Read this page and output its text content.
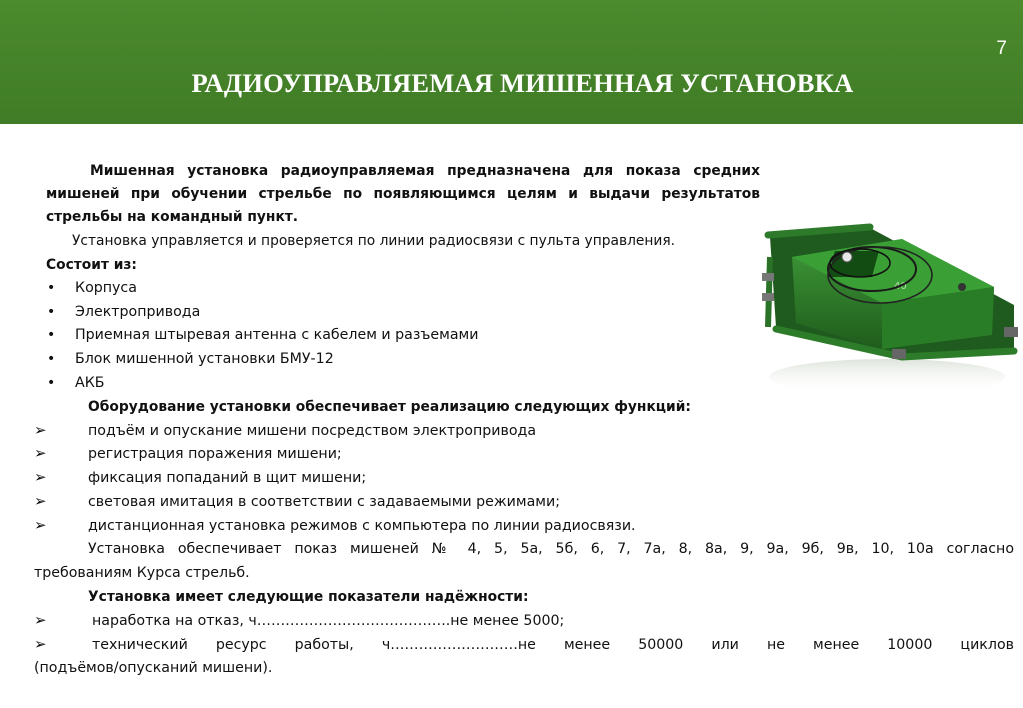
7
РАДИОУПРАВЛЯЕМАЯ МИШЕННАЯ УСТАНОВКА
Мишенная установка радиоуправляемая предназначена для показа средних
мишеней при обучении стрельбе по появляющимся целям и выдачи результатов
стрельбы на командный пункт.
Установка управляется и проверяется по линии радиосвязи с пульта управления.
Состоит из:
• Корпуса
• Электропривода
• Приемная штыревая антенна с кабелем и разъемами
• Блок мишенной установки БМУ-12
• АКБ
Оборудование установки обеспечивает реализацию следующих функций:
➢	подъём и опускание мишени посредством электропривода
➢	регистрация поражения мишени;
➢	фиксация попаданий в щит мишени;
➢	световая имитация в соответствии с задаваемыми режимами;
➢	дистанционная установка режимов с компьютера по линии радиосвязи.
Установка обеспечивает показ мишеней № 4, 5, 5а, 5б, 6, 7, 7а, 8, 8а, 9, 9а, 9б, 9в, 10, 10а согласно
требованиям Курса стрельб.
Установка имеет следующие показатели надёжности:
➢	наработка на отказ, ч…………………………………..не менее 5000;
➢	технический ресурс работы, ч………………………не менее 50000 или не менее 10000 циклов
(подъёмов/опусканий мишени).
40
